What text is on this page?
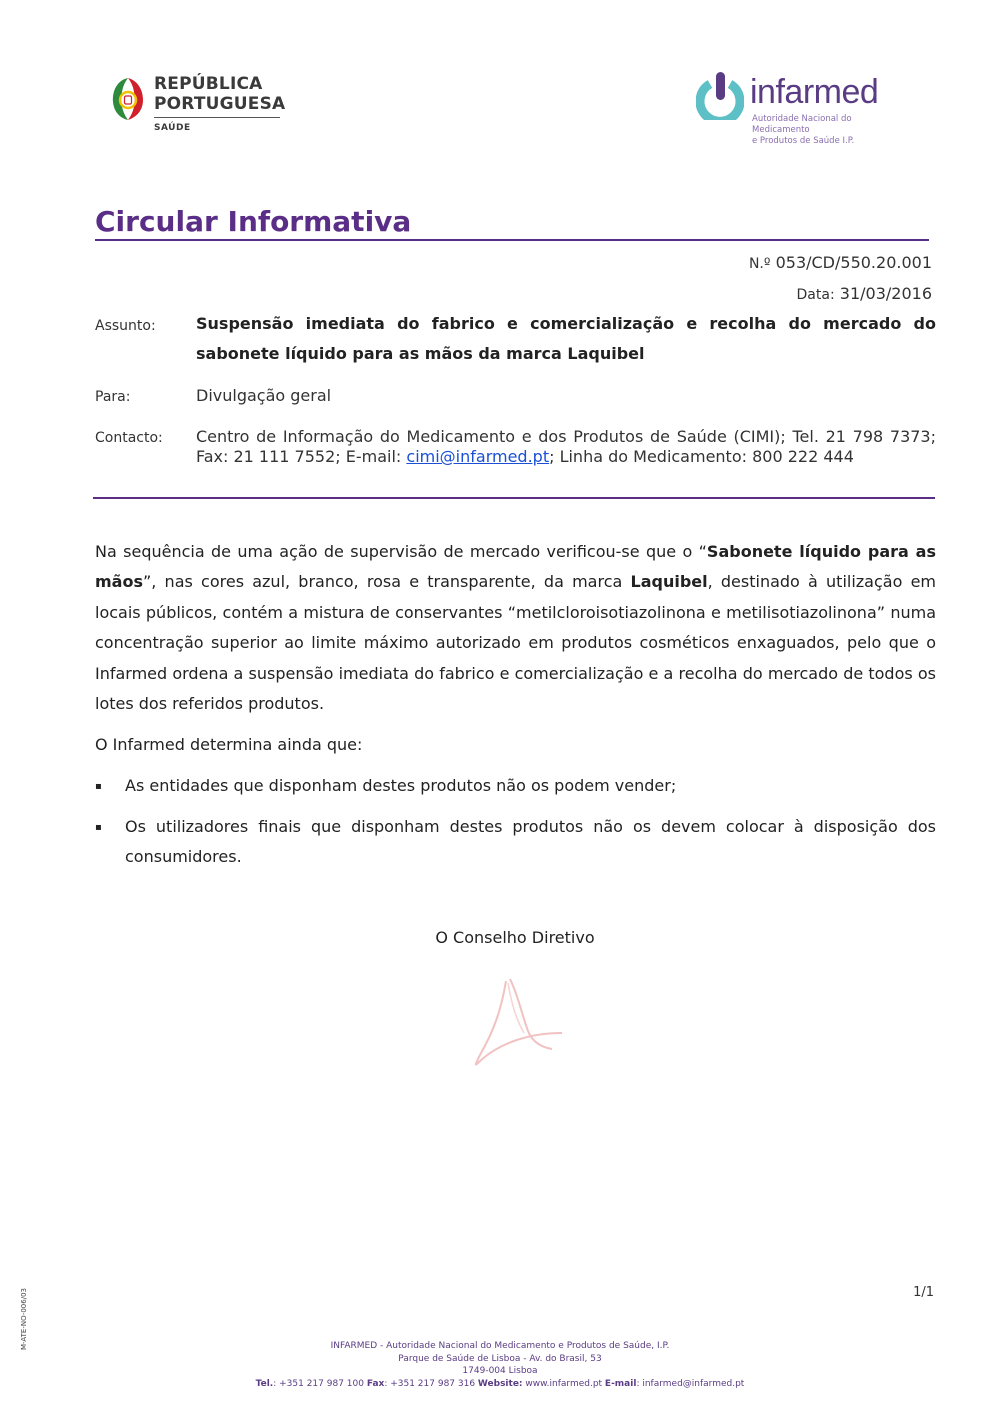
REPÚBLICA
PORTUGUESA
SAÚDE
infarmed
Autoridade Nacional do Medicamento
e Produtos de Saúde I.P.
Circular Informativa
N.º 053/CD/550.20.001
Data: 31/03/2016
Assunto:	Suspensão imediata do fabrico e comercialização e recolha do mercado do
sabonete líquido para as mãos da marca Laquibel
Para:	Divulgação geral
Contacto: Centro de Informação do Medicamento e dos Produtos de Saúde (CIMI); Tel. 21 798 7373; Fax: 21 111 7552; E-mail: cimi@infarmed.pt; Linha do Medicamento: 800 222 444
Na sequência de uma ação de supervisão de mercado verificou-se que o “Sabonete líquido para as mãos”, nas cores azul, branco, rosa e transparente, da marca Laquibel, destinado à utilização em locais públicos, contém a mistura de conservantes “metilcloroisotiazolinona e metilisotiazolinona” numa concentração superior ao limite máximo autorizado em produtos cosméticos enxaguados, pelo que o Infarmed ordena a suspensão imediata do fabrico e comercialização e a recolha do mercado de todos os lotes dos referidos produtos.
O Infarmed determina ainda que:
▪ As entidades que disponham destes produtos não os podem vender;
▪ Os utilizadores finais que disponham destes produtos não os devem colocar à disposição dos consumidores.
O Conselho Diretivo
1/1
M-ATE-NO-006/03	INFARMED - Autoridade Nacional do Medicamento e Produtos de Saúde, I.P.
Parque de Saúde de Lisboa - Av. do Brasil, 53
1749-004 Lisboa
Tel.: +351 217 987 100 Fax: +351 217 987 316 Website: www.infarmed.pt E-mail: infarmed@infarmed.pt
